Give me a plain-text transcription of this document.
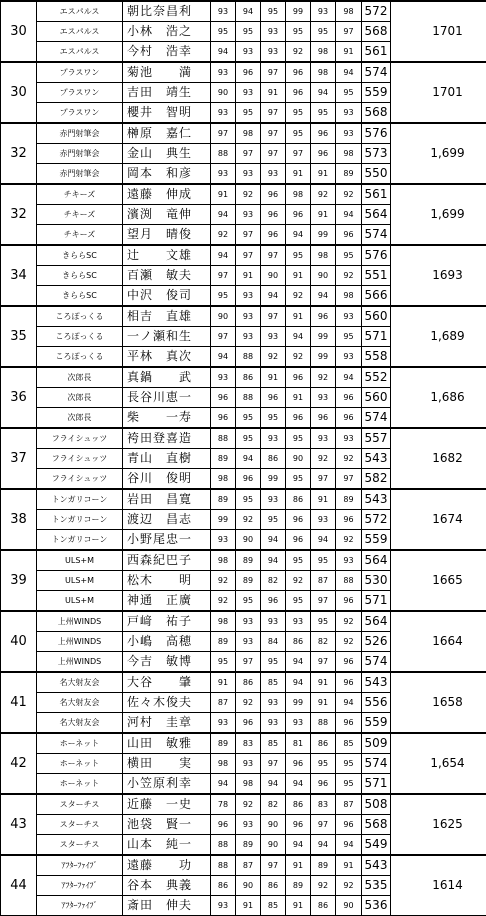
30	エスパルス	朝比奈昌利	93	94	95	99	93	98	572	1701
	エスパルス	小林　浩之	95	95	93	95	95	97	568	
	エスパルス	今村　浩幸	94	93	93	92	98	91	561	
30	プラスワン	菊池　　満	93	96	97	96	98	94	574	1701
	プラスワン	吉田　靖生	90	93	91	96	94	95	559	
	プラスワン	櫻井　智明	93	95	97	95	95	93	568	
32	赤門射筆会	榊原　嘉仁	97	98	97	95	96	93	576	1,699
	赤門射筆会	金山　典生	88	97	97	97	96	98	573	
	赤門射筆会	岡本　和彦	93	93	93	91	91	89	550	
32	チキーズ	遠藤　伸成	91	92	96	98	92	92	561	1,699
	チキーズ	濱渕　竜伸	94	93	96	96	91	94	564	
	チキーズ	望月　晴俊	92	97	96	94	99	96	574	
34	きららSC	辻　　文雄	94	97	97	95	98	95	576	1693
	きららSC	百瀬　敏夫	97	91	90	91	90	92	551	
	きららSC	中沢　俊司	95	93	94	92	94	98	566	
35	ころぽっくる	相吉　直雄	90	93	97	91	96	93	560	1,689
	ころぽっくる	一ノ瀬和生	97	93	93	94	99	95	571	
	ころぽっくる	平林　真次	94	88	92	92	99	93	558	
36	次郎長	真鍋　　武	93	86	91	96	92	94	552	1,686
	次郎長	長谷川恵一	96	88	96	91	93	96	560	
	次郎長	柴　　一寿	96	95	95	96	96	96	574	
37	フライシュッツ	袴田登喜造	88	95	93	95	93	93	557	1682
	フライシュッツ	青山　直樹	89	94	86	90	92	92	543	
	フライシュッツ	谷川　俊明	98	96	99	95	97	97	582	
38	トンガリコーン	岩田　昌寛	89	95	93	86	91	89	543	1674
	トンガリコーン	渡辺　昌志	99	92	95	96	93	96	572	
	トンガリコーン	小野尾忠一	93	90	94	96	94	92	559	
39	ULS+M	西森紀巴子	98	89	94	95	95	93	564	1665
	ULS+M	松木　　明	92	89	82	92	87	88	530	
	ULS+M	神通　正廣	92	95	96	95	97	96	571	
40	上州WINDS	戸﨑　祐子	98	93	93	93	95	92	564	1664
	上州WINDS	小嶋　高穂	89	93	84	86	82	92	526	
	上州WINDS	今吉　敏博	95	97	95	94	97	96	574	
41	名大射友会	大谷　　肇	91	86	85	94	91	96	543	1658
	名大射友会	佐々木俊夫	87	92	93	99	91	94	556	
	名大射友会	河村　圭章	93	96	93	93	88	96	559	
42	ホーネット	山田　敏雅	89	83	85	81	86	85	509	1,654
	ホーネット	横田　　実	98	93	97	96	95	95	574	
	ホーネット	小笠原利幸	94	98	94	94	96	95	571	
43	スターチス	近藤　一史	78	92	82	86	83	87	508	1625
	スターチス	池袋　賢一	96	93	90	96	97	96	568	
	スターチス	山本　純一	88	89	90	94	94	94	549	
44	ｱﾌﾀｰﾌｧｲﾌﾞ	遠藤　　功	88	87	97	91	89	91	543	1614
	ｱﾌﾀｰﾌｧｲﾌﾞ	谷本　典義	86	90	86	89	92	92	535	
	ｱﾌﾀｰﾌｧｲﾌﾞ	斎田　伸夫	93	91	85	91	86	90	536	
